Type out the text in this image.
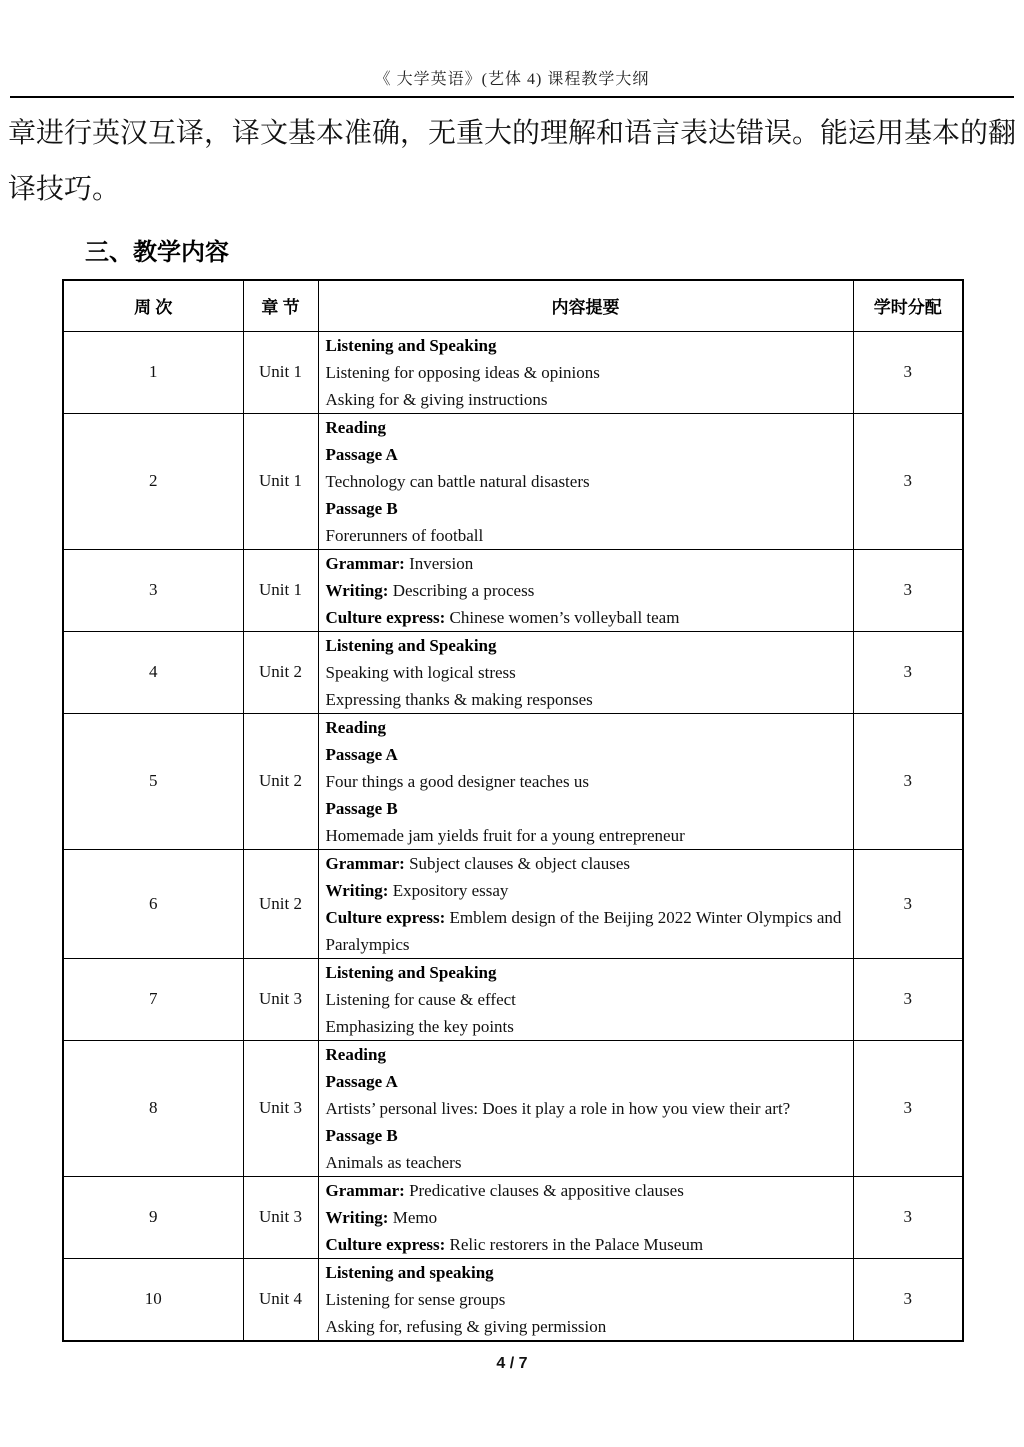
《 大学英语》(艺体 4) 课程教学大纲

章进行英汉互译，译文基本准确，无重大的理解和语言表达错误。能运用基本的翻
译技巧。

三、教学内容
周 次	章 节	内容提要	学时分配
1	Unit 1	Listening and Speaking
Listening for opposing ideas & opinions
Asking for & giving instructions	3
2	Unit 1	Reading
Passage A
Technology can battle natural disasters
Passage B
Forerunners of football	3
3	Unit 1	Grammar: Inversion
Writing: Describing a process
Culture express: Chinese women’s volleyball team	3
4	Unit 2	Listening and Speaking
Speaking with logical stress
Expressing thanks & making responses	3
5	Unit 2	Reading
Passage A
Four things a good designer teaches us
Passage B
Homemade jam yields fruit for a young entrepreneur	3
6	Unit 2	Grammar: Subject clauses & object clauses
Writing: Expository essay
Culture express: Emblem design of the Beijing 2022 Winter Olympics and Paralympics	3
7	Unit 3	Listening and Speaking
Listening for cause & effect
Emphasizing the key points	3
8	Unit 3	Reading
Passage A
Artists’ personal lives: Does it play a role in how you view their art?
Passage B
Animals as teachers	3
9	Unit 3	Grammar: Predicative clauses & appositive clauses
Writing: Memo
Culture express: Relic restorers in the Palace Museum	3
10	Unit 4	Listening and speaking
Listening for sense groups
Asking for, refusing & giving permission	3
4 / 7
